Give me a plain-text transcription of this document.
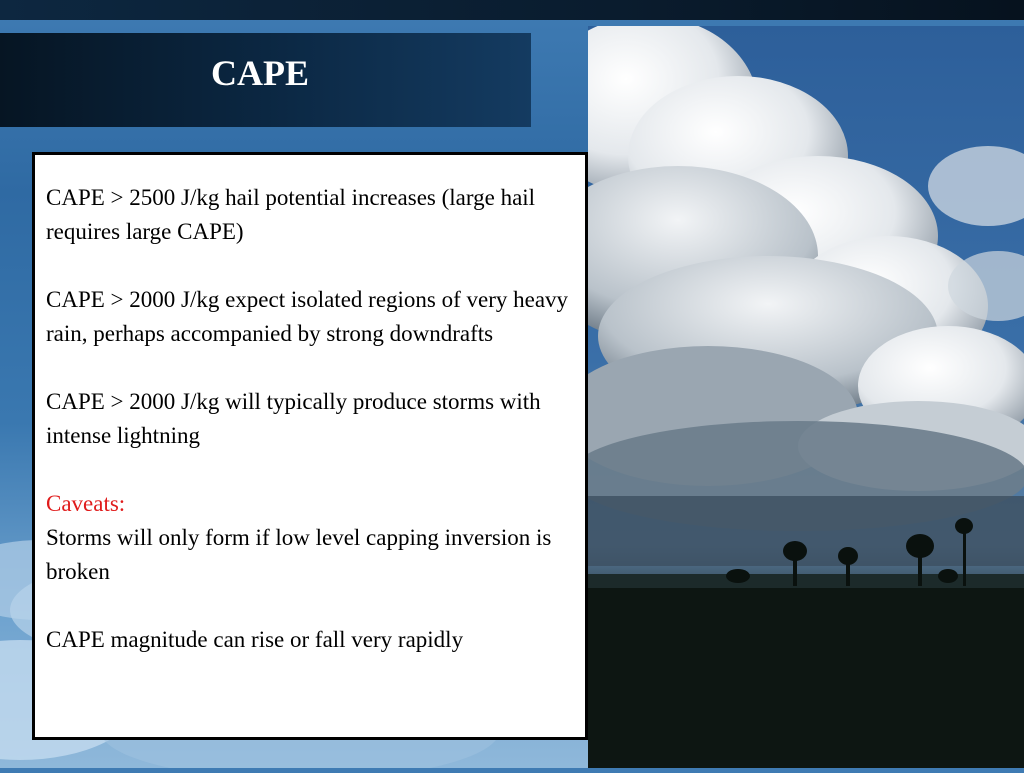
CAPE

CAPE > 2500 J/kg hail potential increases (large hail requires large CAPE)

CAPE > 2000 J/kg expect isolated regions of very heavy rain, perhaps accompanied by strong downdrafts

CAPE > 2000 J/kg will typically produce storms with intense lightning

Caveats:
Storms will only form if low level capping inversion is broken

CAPE magnitude can rise or fall very rapidly
